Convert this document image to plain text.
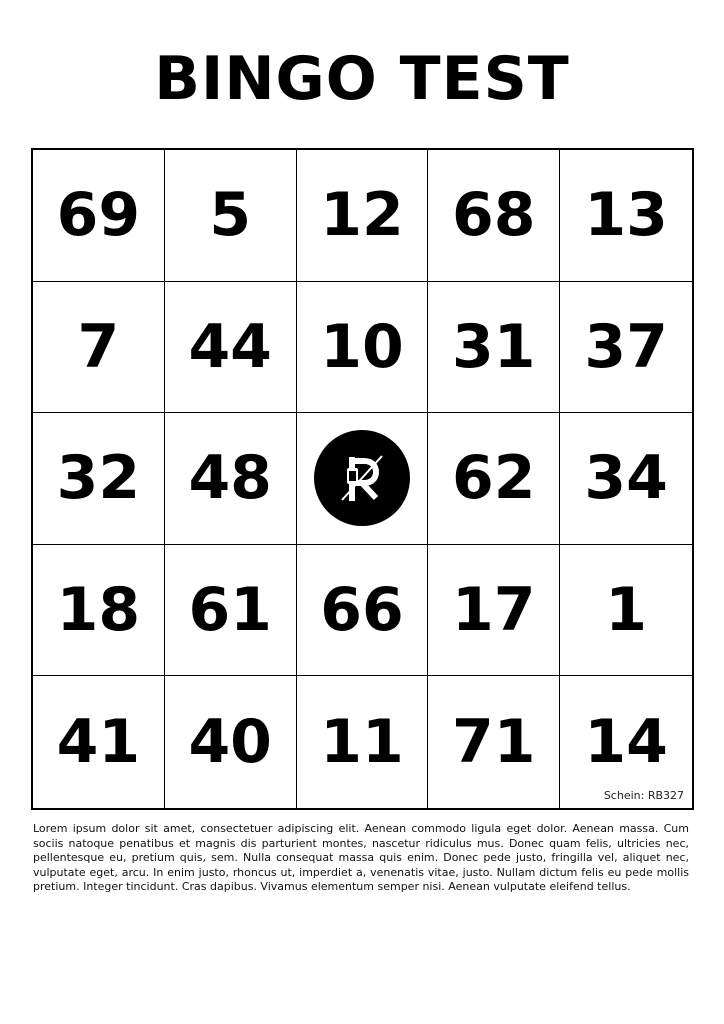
BINGO TEST
69 5 12 68 13
7 44 10 31 37
32 48	62 34
18 61 66 17 1
41 40 11 71 14
Schein: RB327

Lorem ipsum dolor sit amet, consectetuer adipiscing elit. Aenean commodo ligula eget dolor. Aenean massa. Cum sociis natoque penatibus et magnis dis parturient montes, nascetur ridiculus mus. Donec quam felis, ultricies nec, pellentesque eu, pretium quis, sem. Nulla consequat massa quis enim. Donec pede justo, fringilla vel, aliquet nec, vulputate eget, arcu. In enim justo, rhoncus ut, imperdiet a, venenatis vitae, justo. Nullam dictum felis eu pede mollis pretium. Integer tincidunt. Cras dapibus. Vivamus elementum semper nisi. Aenean vulputate eleifend tellus.
